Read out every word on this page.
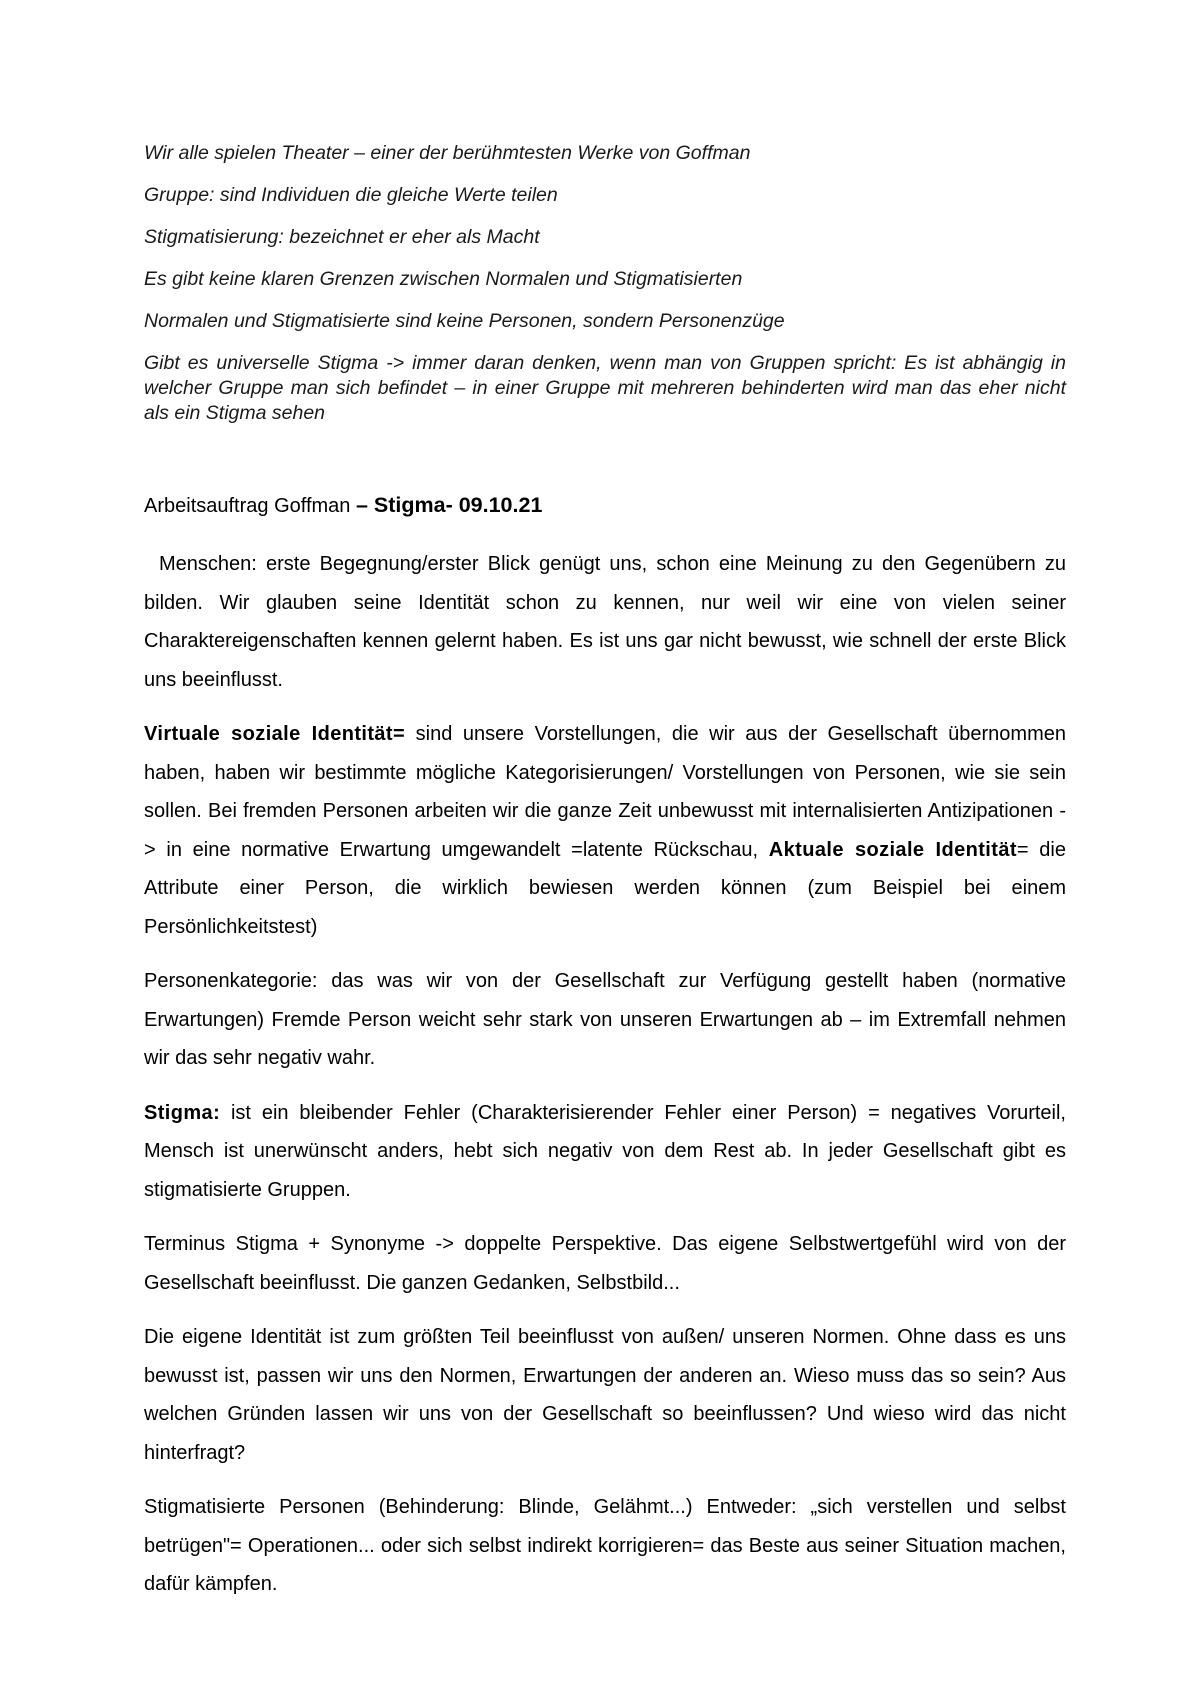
Wir alle spielen Theater – einer der berühmtesten Werke von Goffman

Gruppe: sind Individuen die gleiche Werte teilen

Stigmatisierung: bezeichnet er eher als Macht

Es gibt keine klaren Grenzen zwischen Normalen und Stigmatisierten

Normalen und Stigmatisierte sind keine Personen, sondern Personenzüge

Gibt es universelle Stigma -> immer daran denken, wenn man von Gruppen spricht: Es ist abhängig in welcher Gruppe man sich befindet – in einer Gruppe mit mehreren behinderten wird man das eher nicht als ein Stigma sehen

Arbeitsauftrag Goffman – Stigma- 09.10.21

Menschen: erste Begegnung/erster Blick genügt uns, schon eine Meinung zu den Gegenübern zu bilden. Wir glauben seine Identität schon zu kennen, nur weil wir eine von vielen seiner Charaktereigenschaften kennen gelernt haben. Es ist uns gar nicht bewusst, wie schnell der erste Blick uns beeinflusst.

Virtuale soziale Identität= sind unsere Vorstellungen, die wir aus der Gesellschaft übernommen haben, haben wir bestimmte mögliche Kategorisierungen/ Vorstellungen von Personen, wie sie sein sollen. Bei fremden Personen arbeiten wir die ganze Zeit unbewusst mit internalisierten Antizipationen -> in eine normative Erwartung umgewandelt =latente Rückschau, Aktuale soziale Identität= die Attribute einer Person, die wirklich bewiesen werden können (zum Beispiel bei einem Persönlichkeitstest)

Personenkategorie: das was wir von der Gesellschaft zur Verfügung gestellt haben (normative Erwartungen) Fremde Person weicht sehr stark von unseren Erwartungen ab – im Extremfall nehmen wir das sehr negativ wahr.

Stigma: ist ein bleibender Fehler (Charakterisierender Fehler einer Person) = negatives Vorurteil, Mensch ist unerwünscht anders, hebt sich negativ von dem Rest ab. In jeder Gesellschaft gibt es stigmatisierte Gruppen.

Terminus Stigma + Synonyme -> doppelte Perspektive. Das eigene Selbstwertgefühl wird von der Gesellschaft beeinflusst. Die ganzen Gedanken, Selbstbild...

Die eigene Identität ist zum größten Teil beeinflusst von außen/ unseren Normen. Ohne dass es uns bewusst ist, passen wir uns den Normen, Erwartungen der anderen an. Wieso muss das so sein? Aus welchen Gründen lassen wir uns von der Gesellschaft so beeinflussen? Und wieso wird das nicht hinterfragt?

Stigmatisierte Personen (Behinderung: Blinde, Gelähmt...) Entweder: „sich verstellen und selbst betrügen"= Operationen... oder sich selbst indirekt korrigieren= das Beste aus seiner Situation machen, dafür kämpfen.
